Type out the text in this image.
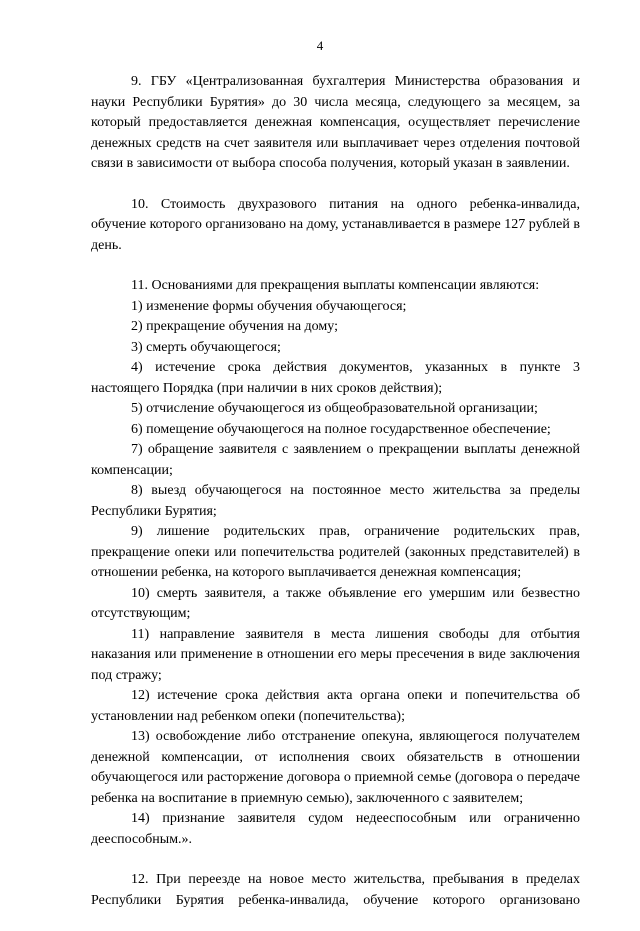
4

9. ГБУ «Централизованная бухгалтерия Министерства образования и науки Республики Бурятия» до 30 числа месяца, следующего за месяцем, за который предоставляется денежная компенсация, осуществляет перечисление денежных средств на счет заявителя или выплачивает через отделения почтовой связи в зависимости от выбора способа получения, который указан в заявлении.

10. Стоимость двухразового питания на одного ребенка-инвалида, обучение которого организовано на дому, устанавливается в размере 127 рублей в день.

11. Основаниями для прекращения выплаты компенсации являются:

1) изменение формы обучения обучающегося;

2) прекращение обучения на дому;

3) смерть обучающегося;

4) истечение срока действия документов, указанных в пункте 3 настоящего Порядка (при наличии в них сроков действия);

5) отчисление обучающегося из общеобразовательной организации;

6) помещение обучающегося на полное государственное обеспечение;

7) обращение заявителя с заявлением о прекращении выплаты денежной компенсации;

8) выезд обучающегося на постоянное место жительства за пределы Республики Бурятия;

9) лишение родительских прав, ограничение родительских прав, прекращение опеки или попечительства родителей (законных представителей) в отношении ребенка, на которого выплачивается денежная компенсация;

10) смерть заявителя, а также объявление его умершим или безвестно отсутствующим;

11) направление заявителя в места лишения свободы для отбытия наказания или применение в отношении его меры пресечения в виде заключения под стражу;

12) истечение срока действия акта органа опеки и попечительства об установлении над ребенком опеки (попечительства);

13) освобождение либо отстранение опекуна, являющегося получателем денежной компенсации, от исполнения своих обязательств в отношении обучающегося или расторжение договора о приемной семье (договора о передаче ребенка на воспитание в приемную семью), заключенного с заявителем;

14) признание заявителя судом недееспособным или ограниченно дееспособным.».

12. При переезде на новое место жительства, пребывания в пределах Республики Бурятия ребенка-инвалида, обучение которого организовано
